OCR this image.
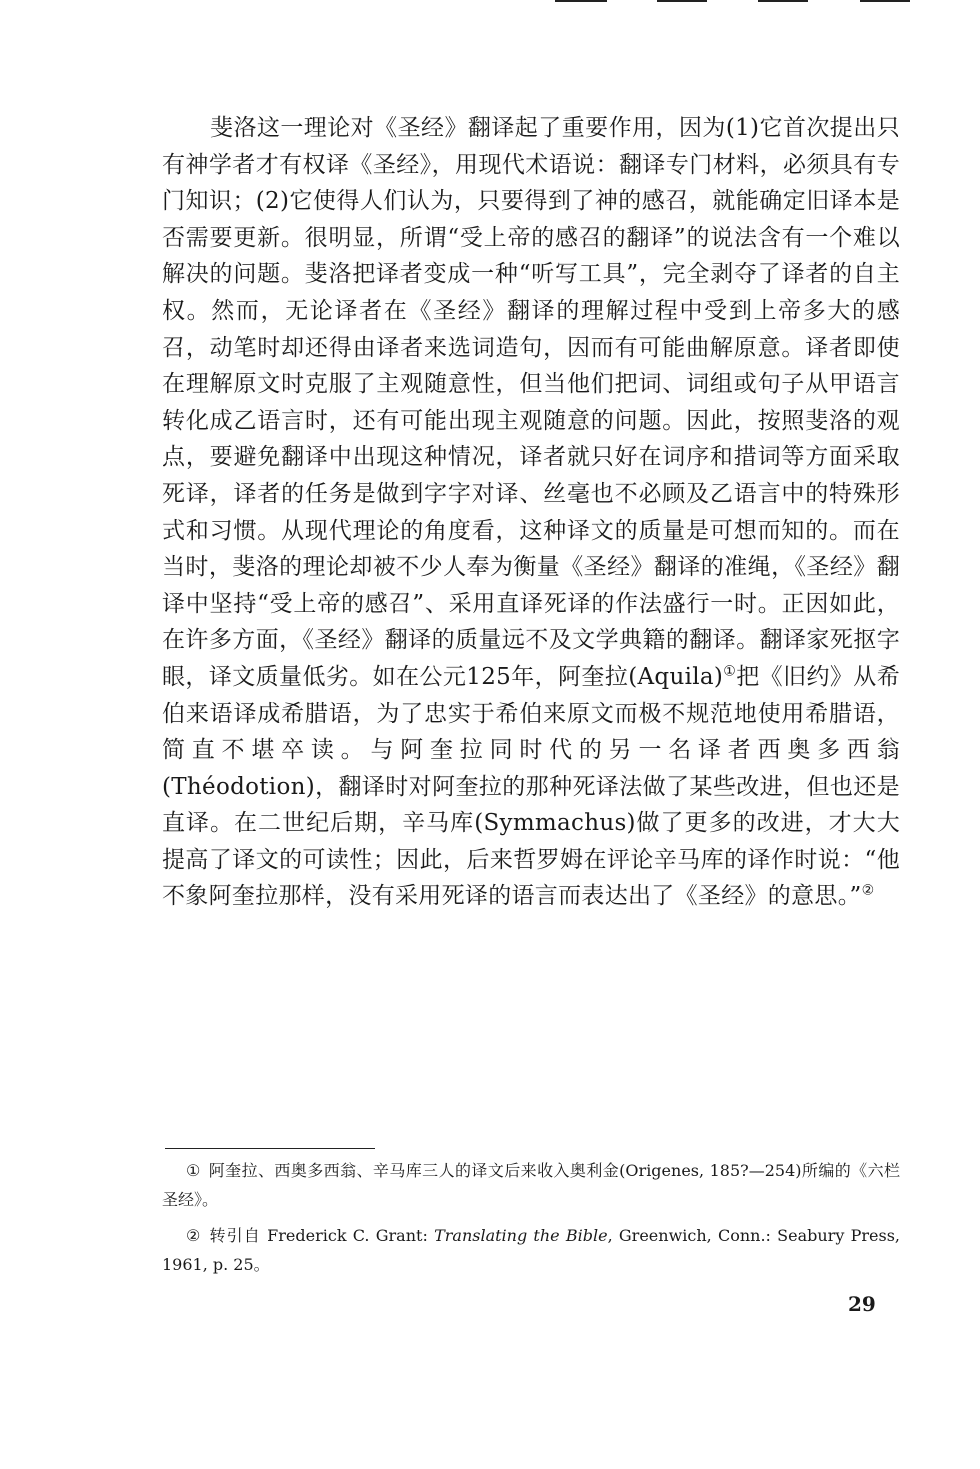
斐洛这一理论对《圣经》翻译起了重要作用，因为(1)它首次提出只有神学者才有权译《圣经》，用现代术语说：翻译专门材料，必须具有专门知识；(2)它使得人们认为，只要得到了神的感召，就能确定旧译本是否需要更新。很明显，所谓“受上帝的感召的翻译”的说法含有一个难以解决的问题。斐洛把译者变成一种“听写工具”，完全剥夺了译者的自主权。然而，无论译者在《圣经》翻译的理解过程中受到上帝多大的感召，动笔时却还得由译者来选词造句，因而有可能曲解原意。译者即使在理解原文时克服了主观随意性，但当他们把词、词组或句子从甲语言转化成乙语言时，还有可能出现主观随意的问题。因此，按照斐洛的观点，要避免翻译中出现这种情况，译者就只好在词序和措词等方面采取死译，译者的任务是做到字字对译、丝毫也不必顾及乙语言中的特殊形式和习惯。从现代理论的角度看，这种译文的质量是可想而知的。而在当时，斐洛的理论却被不少人奉为衡量《圣经》翻译的准绳，《圣经》翻译中坚持“受上帝的感召”、采用直译死译的作法盛行一时。正因如此，在许多方面，《圣经》翻译的质量远不及文学典籍的翻译。翻译家死抠字眼，译文质量低劣。如在公元125年，阿奎拉(Aquila)①把《旧约》从希伯来语译成希腊语，为了忠实于希伯来原文而极不规范地使用希腊语，简直不堪卒读。与阿奎拉同时代的另一名译者西奥多西翁(Théodotion)，翻译时对阿奎拉的那种死译法做了某些改进，但也还是直译。在二世纪后期，辛马库(Symmachus)做了更多的改进，才大大提高了译文的可读性；因此，后来哲罗姆在评论辛马库的译作时说：“他不象阿奎拉那样，没有采用死译的语言而表达出了《圣经》的意思。”②

① 阿奎拉、西奥多西翁、辛马库三人的译文后来收入奥利金(Origenes, 185?—254)所编的《六栏圣经》。

② 转引自 Frederick C. Grant: Translating the Bible, Greenwich, Conn.: Seabury Press, 1961, p. 25。

29
